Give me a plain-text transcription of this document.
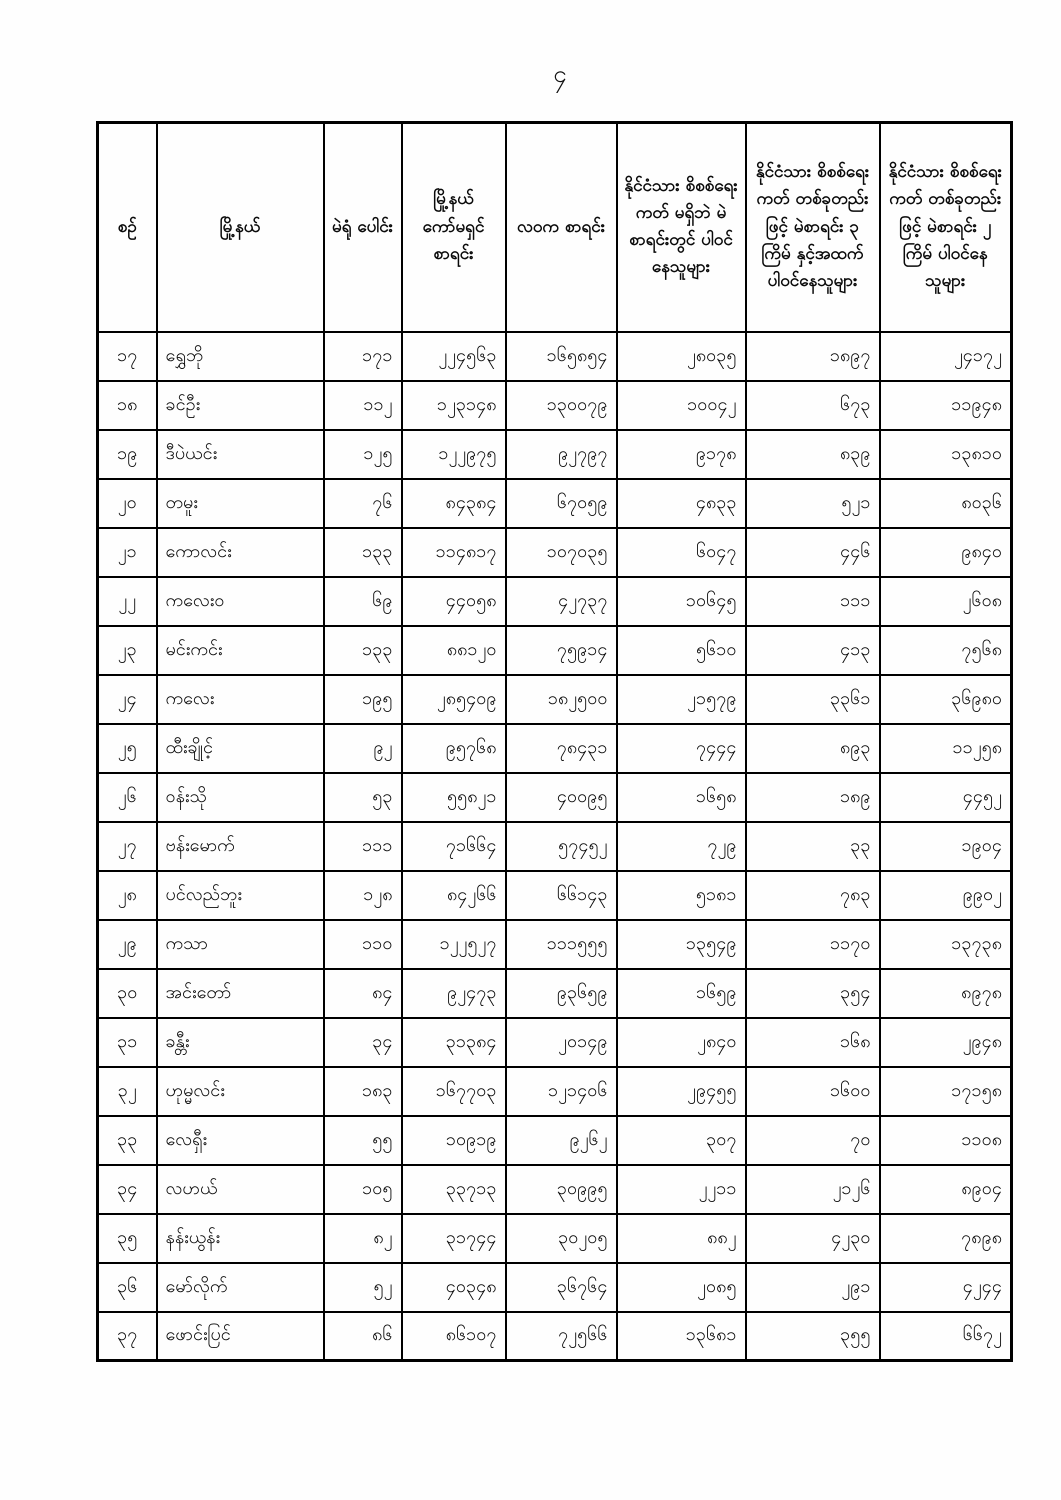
၄
စဉ်	မြို့နယ်	မဲရုံ ပေါင်း	မြို့နယ် ကော်မရှင် စာရင်း	လဝက စာရင်း	နိုင်ငံသား စိစစ်ရေးကတ် မရှိဘဲ မဲစာရင်းတွင် ပါဝင်နေသူများ	နိုင်ငံသား စိစစ်ရေးကတ် တစ်ခုတည်းဖြင့် မဲစာရင်း ၃ ကြိမ် နှင့်အထက် ပါဝင်နေသူများ	နိုင်ငံသား စိစစ်ရေးကတ် တစ်ခုတည်းဖြင့် မဲစာရင်း ၂ ကြိမ် ပါဝင်နေသူများ
၁၇	ရွှေဘို	၁၇၁	၂၂၄၅၆၃	၁၆၅၈၅၄	၂၈၀၃၅	၁၈၉၇	၂၄၁၇၂
၁၈	ခင်ဦး	၁၁၂	၁၂၃၁၄၈	၁၃၀၀၇၉	၁၀၀၄၂	၆၇၃	၁၁၉၄၈
၁၉	ဒီပဲယင်း	၁၂၅	၁၂၂၉၇၅	၉၂၇၉၇	၉၁၇၈	၈၃၉	၁၃၈၁၀
၂၀	တမူး	၇၆	၈၄၃၈၄	၆၇၀၅၉	၄၈၃၃	၅၂၁	၈၀၃၆
၂၁	ကောလင်း	၁၃၃	၁၁၄၈၁၇	၁၀၇၀၃၅	၆၀၄၇	၄၄၆	၉၈၄၀
၂၂	ကလေးဝ	၆၉	၄၄၀၅၈	၄၂၇၃၇	၁၀၆၄၅	၁၁၁	၂၆၀၈
၂၃	မင်းကင်း	၁၃၃	၈၈၁၂၀	၇၅၉၁၄	၅၆၁၀	၄၁၃	၇၅၆၈
၂၄	ကလေး	၁၉၅	၂၈၅၄၀၉	၁၈၂၅၀၀	၂၁၅၇၉	၃၃၆၁	၃၆၉၈၀
၂၅	ထီးချိုင့်	၉၂	၉၅၇၆၈	၇၈၄၃၁	၇၄၄၄	၈၉၃	၁၁၂၅၈
၂၆	ဝန်းသို	၅၃	၅၅၈၂၁	၄၀၀၉၅	၁၆၅၈	၁၈၉	၄၄၅၂
၂၇	ဗန်းမောက်	၁၁၁	၇၁၆၆၄	၅၇၄၅၂	၇၂၉	၃၃	၁၉၀၄
၂၈	ပင်လည်ဘူး	၁၂၈	၈၄၂၆၆	၆၆၁၄၃	၅၁၈၁	၇၈၃	၉၉၀၂
၂၉	ကသာ	၁၁၀	၁၂၂၅၂၇	၁၁၁၅၅၅	၁၃၅၄၉	၁၁၇၀	၁၃၇၃၈
၃၀	အင်းတော်	၈၄	၉၂၄၇၃	၉၃၆၅၉	၁၆၅၉	၃၅၄	၈၉၇၈
၃၁	ခန္တီး	၃၄	၃၁၃၈၄	၂၀၁၄၉	၂၈၄၀	၁၆၈	၂၉၄၈
၃၂	ဟုမ္မလင်း	၁၈၃	၁၆၇၇၀၃	၁၂၁၄၀၆	၂၉၄၅၅	၁၆၀၀	၁၇၁၅၈
၃၃	လေရှီး	၅၅	၁၀၉၁၉	၉၂၆၂	၃၀၇	၇၀	၁၁၀၈
၃၄	လဟယ်	၁၀၅	၃၃၇၁၃	၃၀၉၉၅	၂၂၁၁	၂၁၂၆	၈၉၀၄
၃၅	နန်းယွန်း	၈၂	၃၁၇၄၄	၃၀၂၀၅	၈၈၂	၄၂၃၀	၇၈၉၈
၃၆	မော်လိုက်	၅၂	၄၀၃၄၈	၃၆၇၆၄	၂၀၈၅	၂၉၁	၄၂၄၄
၃၇	ဖောင်းပြင်	၈၆	၈၆၁၀၇	၇၂၅၆၆	၁၃၆၈၁	၃၅၅	၆၆၇၂
